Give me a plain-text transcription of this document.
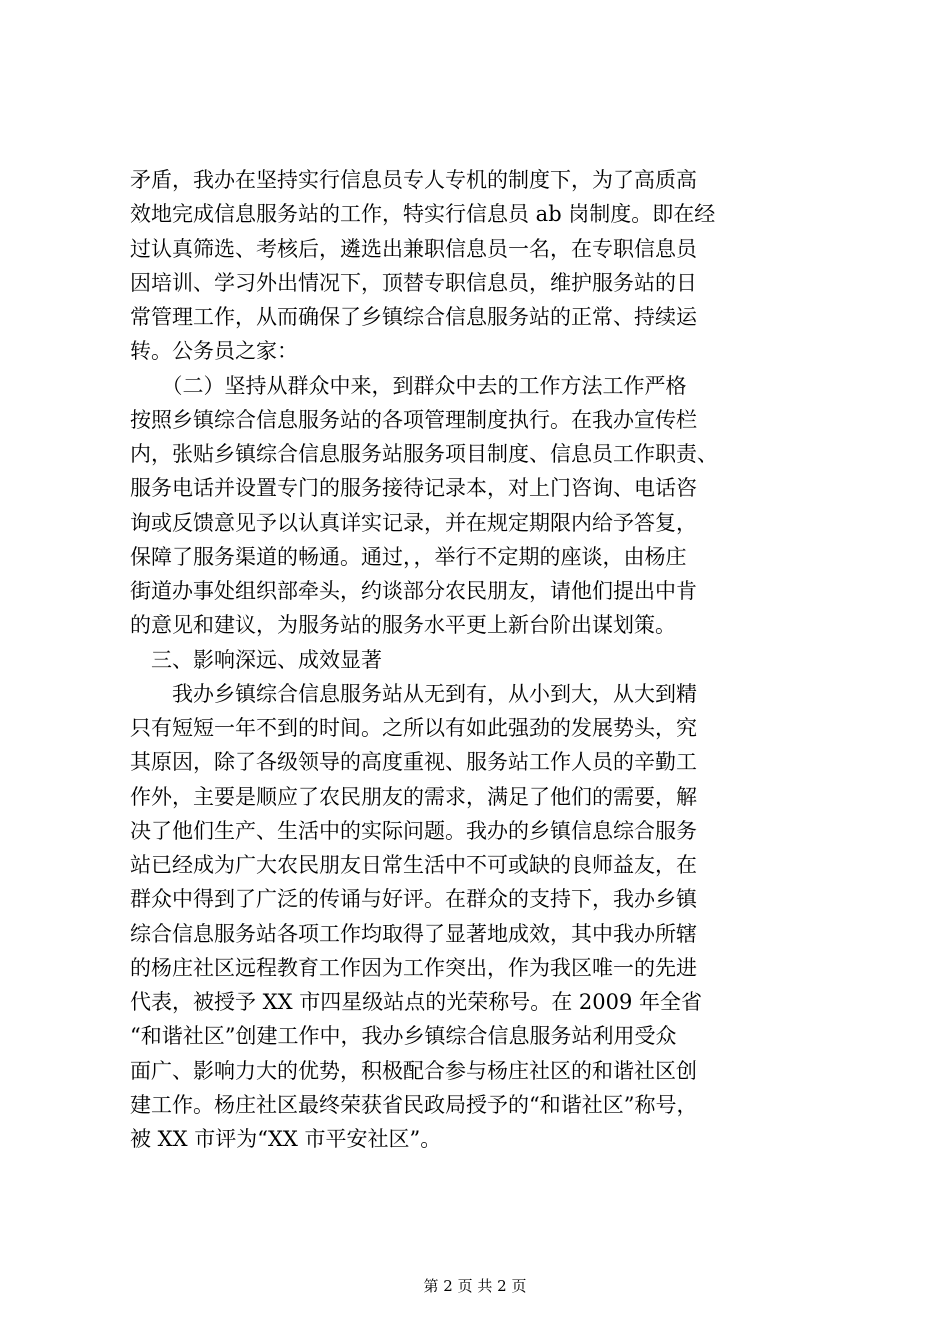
矛盾，我办在坚持实行信息员专人专机的制度下，为了高质高
效地完成信息服务站的工作，特实行信息员 ab 岗制度。即在经
过认真筛选、考核后，遴选出兼职信息员一名，在专职信息员
因培训、学习外出情况下，顶替专职信息员，维护服务站的日
常管理工作，从而确保了乡镇综合信息服务站的正常、持续运
转。公务员之家：
　　（二）坚持从群众中来，到群众中去的工作方法工作严格
按照乡镇综合信息服务站的各项管理制度执行。在我办宣传栏
内，张贴乡镇综合信息服务站服务项目制度、信息员工作职责、
服务电话并设置专门的服务接待记录本，对上门咨询、电话咨
询或反馈意见予以认真详实记录，并在规定期限内给予答复，
保障了服务渠道的畅通。通过，，举行不定期的座谈，由杨庄
街道办事处组织部牵头，约谈部分农民朋友，请他们提出中肯
的意见和建议，为服务站的服务水平更上新台阶出谋划策。
　三、影响深远、成效显著
　　我办乡镇综合信息服务站从无到有，从小到大，从大到精
只有短短一年不到的时间。之所以有如此强劲的发展势头，究
其原因，除了各级领导的高度重视、服务站工作人员的辛勤工
作外，主要是顺应了农民朋友的需求，满足了他们的需要，解
决了他们生产、生活中的实际问题。我办的乡镇信息综合服务
站已经成为广大农民朋友日常生活中不可或缺的良师益友，在
群众中得到了广泛的传诵与好评。在群众的支持下，我办乡镇
综合信息服务站各项工作均取得了显著地成效，其中我办所辖
的杨庄社区远程教育工作因为工作突出，作为我区唯一的先进
代表，被授予 XX 市四星级站点的光荣称号。在 2009 年全省
“和谐社区”创建工作中，我办乡镇综合信息服务站利用受众
面广、影响力大的优势，积极配合参与杨庄社区的和谐社区创
建工作。杨庄社区最终荣获省民政局授予的“和谐社区”称号，
被 XX 市评为“XX 市平安社区”。
第 2 页 共 2 页
